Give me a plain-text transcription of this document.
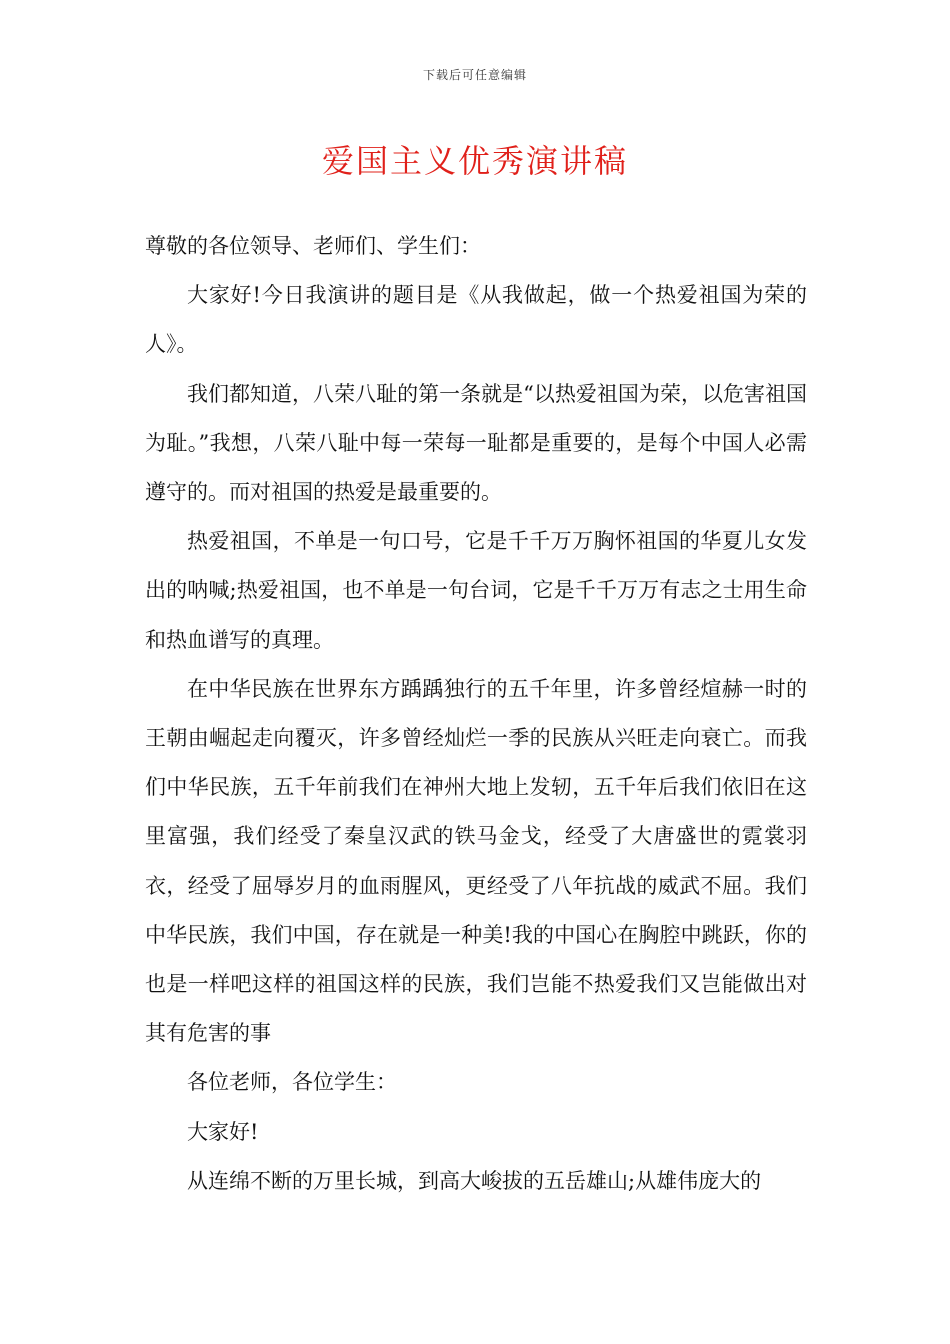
下载后可任意编辑
爱国主义优秀演讲稿

尊敬的各位领导、老师们、学生们：

大家好!今日我演讲的题目是《从我做起，做一个热爱祖国为荣的人》。

我们都知道，八荣八耻的第一条就是“以热爱祖国为荣，以危害祖国为耻。”我想，八荣八耻中每一荣每一耻都是重要的，是每个中国人必需遵守的。而对祖国的热爱是最重要的。

热爱祖国，不单是一句口号，它是千千万万胸怀祖国的华夏儿女发出的呐喊;热爱祖国，也不单是一句台词，它是千千万万有志之士用生命和热血谱写的真理。

在中华民族在世界东方踽踽独行的五千年里，许多曾经煊赫一时的王朝由崛起走向覆灭，许多曾经灿烂一季的民族从兴旺走向衰亡。而我们中华民族，五千年前我们在神州大地上发轫，五千年后我们依旧在这里富强，我们经受了秦皇汉武的铁马金戈，经受了大唐盛世的霓裳羽衣，经受了屈辱岁月的血雨腥风，更经受了八年抗战的威武不屈。我们中华民族，我们中国，存在就是一种美!我的中国心在胸腔中跳跃，你的也是一样吧这样的祖国这样的民族，我们岂能不热爱我们又岂能做出对其有危害的事

各位老师，各位学生：

大家好!

从连绵不断的万里长城，到高大峻拔的五岳雄山;从雄伟庞大的
